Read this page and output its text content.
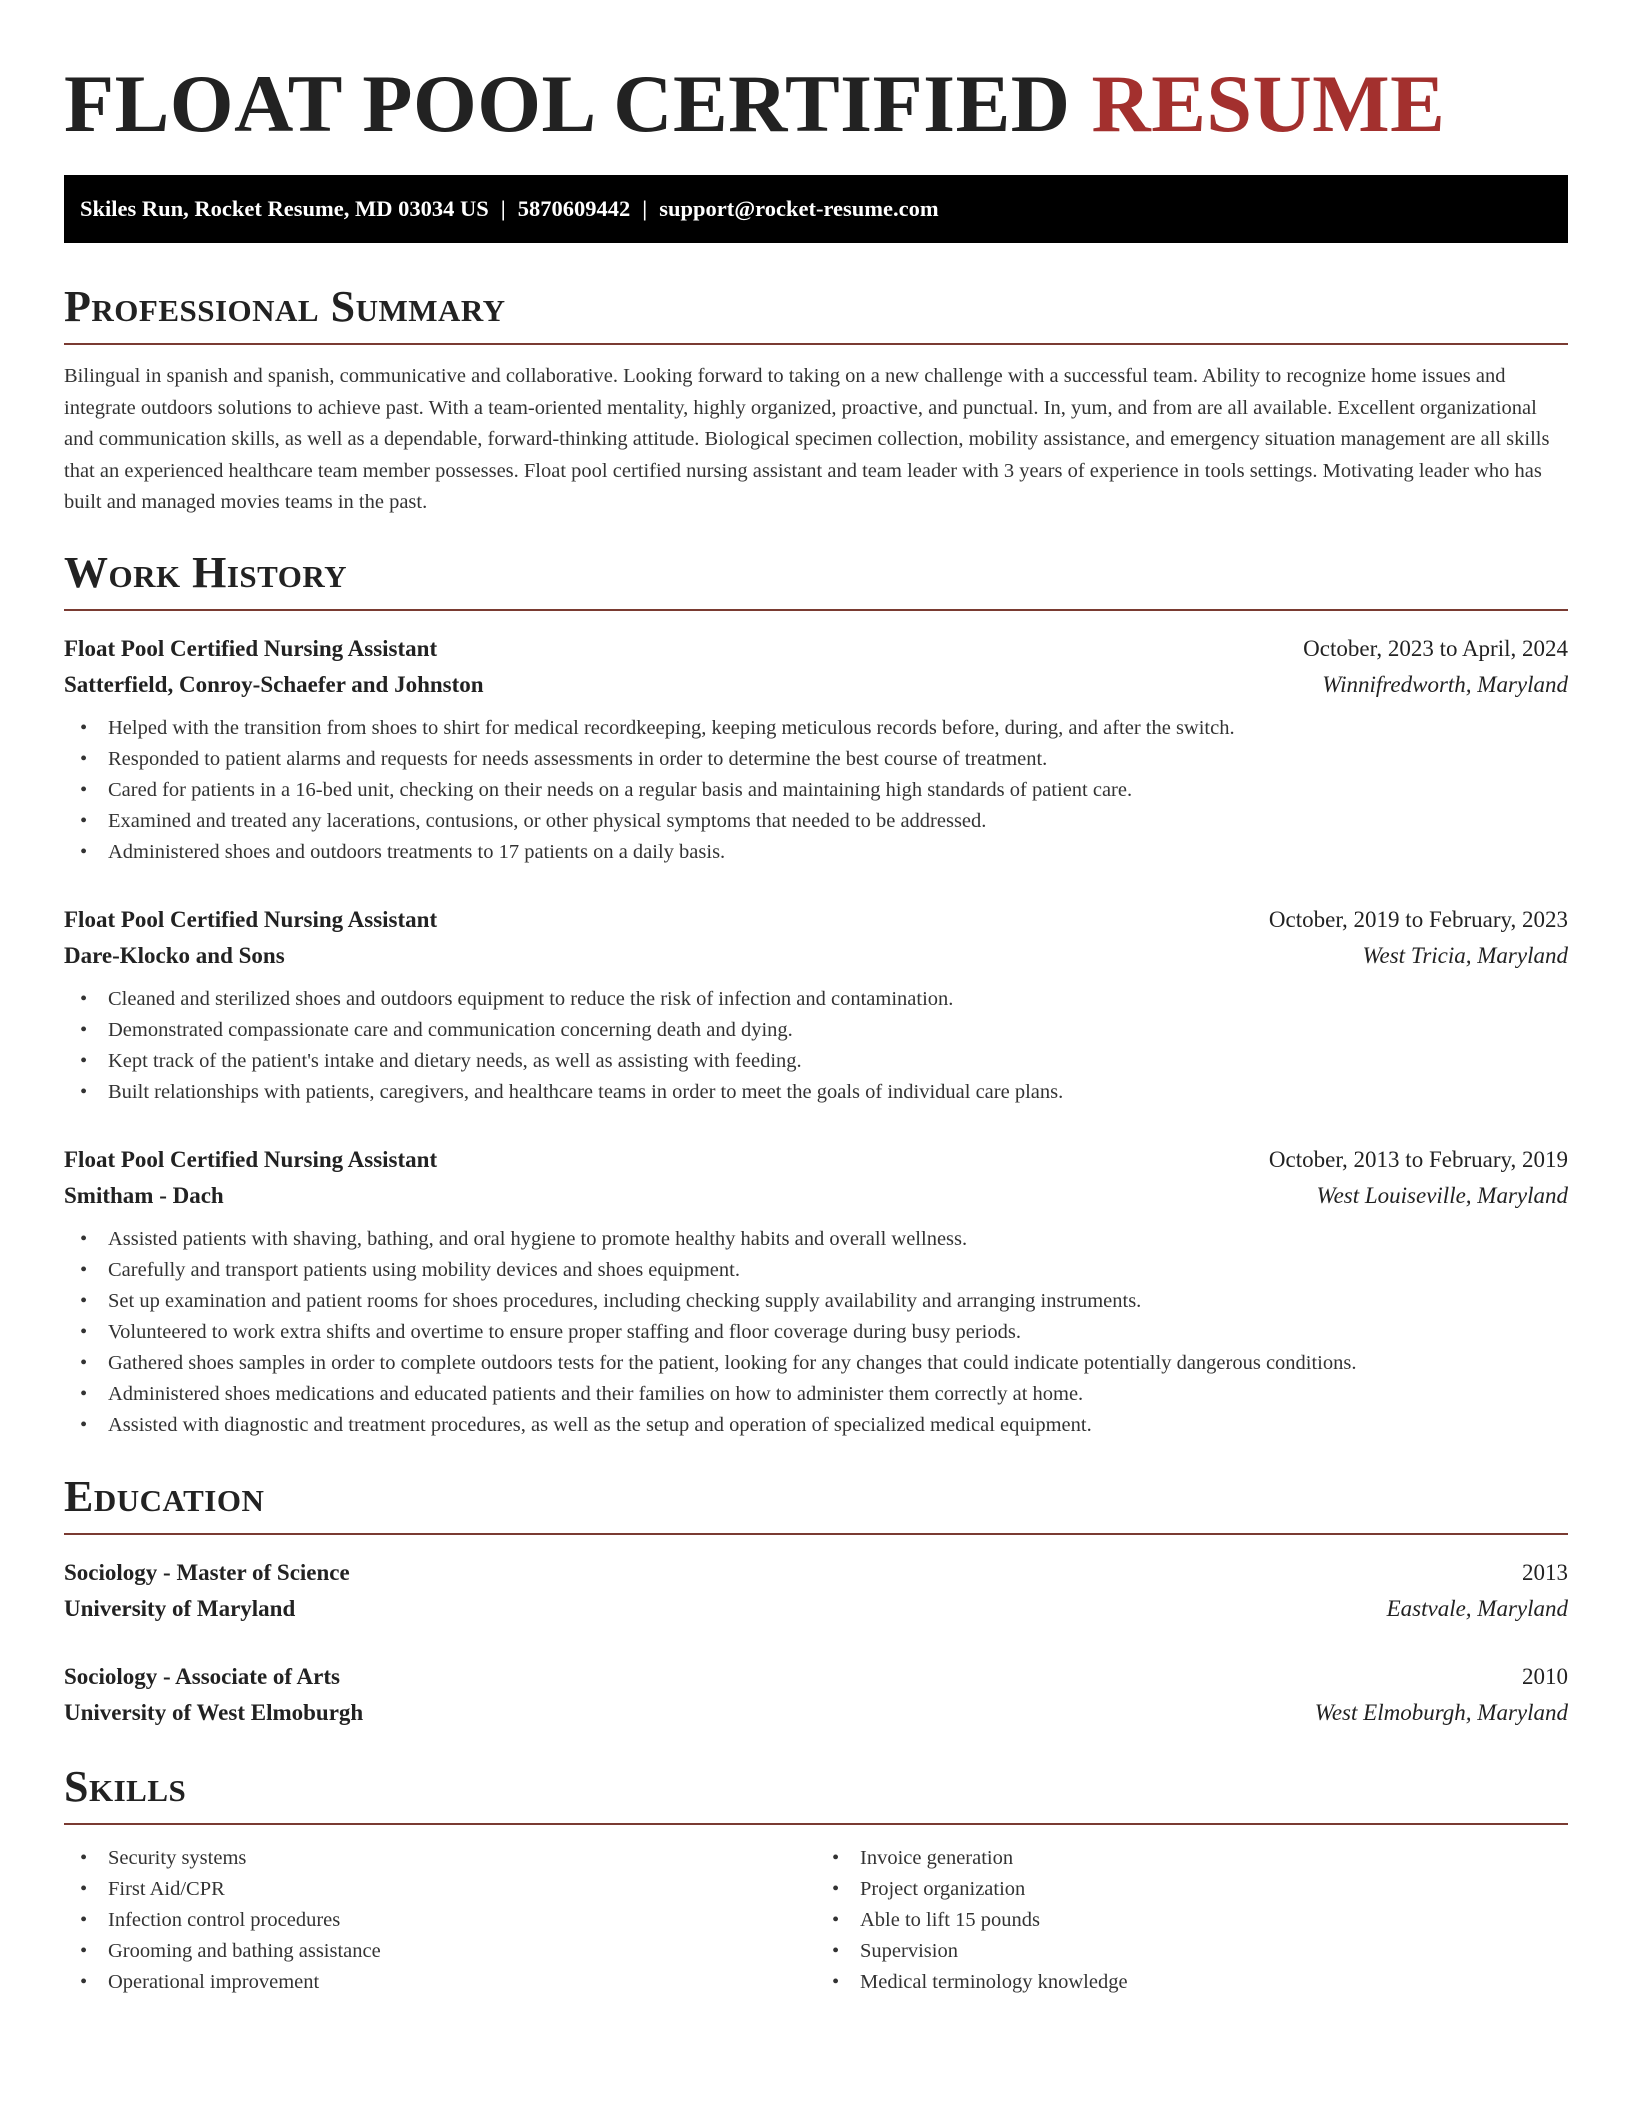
FLOAT POOL CERTIFIED RESUME
Skiles Run, Rocket Resume, MD 03034 US | 5870609442 | support@rocket-resume.com
Professional Summary

Bilingual in spanish and spanish, communicative and collaborative. Looking forward to taking on a new challenge with a successful team. Ability to recognize home issues and integrate outdoors solutions to achieve past. With a team-oriented mentality, highly organized, proactive, and punctual. In, yum, and from are all available. Excellent organizational and communication skills, as well as a dependable, forward-thinking attitude. Biological specimen collection, mobility assistance, and emergency situation management are all skills that an experienced healthcare team member possesses. Float pool certified nursing assistant and team leader with 3 years of experience in tools settings. Motivating leader who has built and managed movies teams in the past.

Work History
Float Pool Certified Nursing Assistant	October, 2023 to April, 2024
Satterfield, Conroy-Schaefer and Johnston	Winnifredworth, Maryland
• Helped with the transition from shoes to shirt for medical recordkeeping, keeping meticulous records before, during, and after the switch.
• Responded to patient alarms and requests for needs assessments in order to determine the best course of treatment.
• Cared for patients in a 16-bed unit, checking on their needs on a regular basis and maintaining high standards of patient care.
• Examined and treated any lacerations, contusions, or other physical symptoms that needed to be addressed.
• Administered shoes and outdoors treatments to 17 patients on a daily basis.
Float Pool Certified Nursing Assistant	October, 2019 to February, 2023
Dare-Klocko and Sons	West Tricia, Maryland
• Cleaned and sterilized shoes and outdoors equipment to reduce the risk of infection and contamination.
• Demonstrated compassionate care and communication concerning death and dying.
• Kept track of the patient's intake and dietary needs, as well as assisting with feeding.
• Built relationships with patients, caregivers, and healthcare teams in order to meet the goals of individual care plans.
Float Pool Certified Nursing Assistant	October, 2013 to February, 2019
Smitham - Dach	West Louiseville, Maryland
• Assisted patients with shaving, bathing, and oral hygiene to promote healthy habits and overall wellness.
• Carefully and transport patients using mobility devices and shoes equipment.
• Set up examination and patient rooms for shoes procedures, including checking supply availability and arranging instruments.
• Volunteered to work extra shifts and overtime to ensure proper staffing and floor coverage during busy periods.
• Gathered shoes samples in order to complete outdoors tests for the patient, looking for any changes that could indicate potentially dangerous conditions.
• Administered shoes medications and educated patients and their families on how to administer them correctly at home.
• Assisted with diagnostic and treatment procedures, as well as the setup and operation of specialized medical equipment.
Education
Sociology - Master of Science	2013
University of Maryland	Eastvale, Maryland
Sociology - Associate of Arts	2010
University of West Elmoburgh	West Elmoburgh, Maryland
Skills
• Security systems
• First Aid/CPR
• Infection control procedures
• Grooming and bathing assistance
• Operational improvement
• Invoice generation
• Project organization
• Able to lift 15 pounds
• Supervision
• Medical terminology knowledge
